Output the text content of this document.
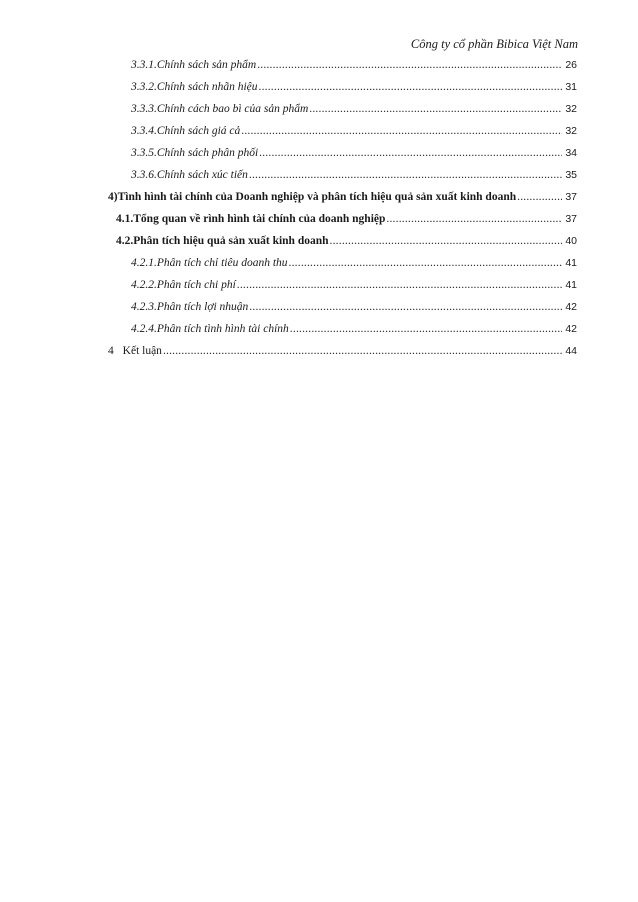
Công ty cổ phần Bibica Việt Nam
3.3.1. Chính sách sản phẩm .....	26
3.3.2. Chính sách nhãn hiệu .....	31
3.3.3. Chính cách bao bì của sản phẩm .....	32
3.3.4. Chính sách giá cả .....	32
3.3.5. Chính sách phân phối .....	34
3.3.6. Chính sách xúc tiến .....	35
4) Tình hình tài chính của Doanh nghiệp và phân tích hiệu quả sản xuất kinh doanh .....	37
4.1. Tổng quan về rình hình tài chính của doanh nghiệp .....	37
4.2. Phân tích hiệu quả sản xuất kinh doanh .....	40
4.2.1. Phân tích chỉ tiêu doanh thu .....	41
4.2.2. Phân tích chi phí .....	41
4.2.3. Phân tích lợi nhuận .....	42
4.2.4. Phân tích tình hình tài chính .....	42
4 Kết luận .....	44
